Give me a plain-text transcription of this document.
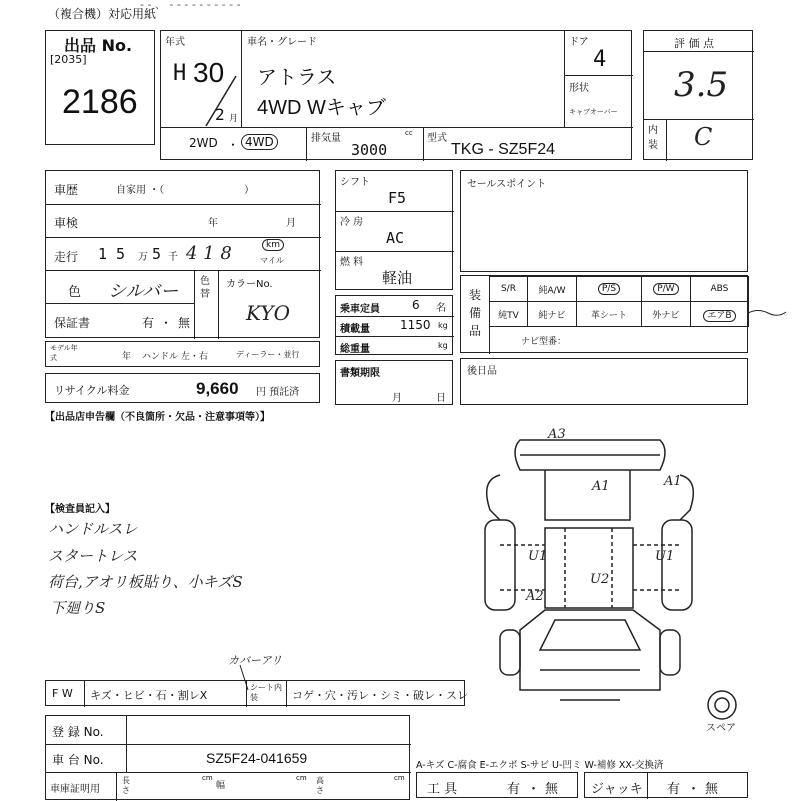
- - 、 - - - - - - - - - -
（複合機）対応用紙
出品 No.
[2035]
2186
年式
H 30
2 月
車名・グレード
アトラス
4WD Wキャブ
ドア
4
形状
キャブオーバー
2WD ・ 4WD	排気量	cc
3000
型式
TKG - SZ5F24
評 価 点
3.5
内装 C
車歴	自家用 ・（　　　　　　　　）
車検	年	月
走行 1 5 万 5 千 4 1 8	km
マイル
色 シルバー 色替
カラーNo.
KYO
保証書	有 ・ 無
モデル年式	年 ハンドル 左・右	ディーラー・並行
リサイクル料金	9,660 円 預託済
シフト
F5
冷 房
AC
燃 料
軽油
乗車定員	6 名
積載量	1150 kg
総重量	kg
書類期限
月	日
セールスポイント
装備品
S/R	純A/W	P/S	P/W	ABS
純TV	純ナビ	革シート	外ナビ	エアB
ナビ型番：
後日品
【出品店申告欄（不良箇所・欠品・注意事項等）】
【検査員記入】
ハンドルスレ
スタートレス
荷台,アオリ板貼り、小キズS
下廻りS
A3
A1	A1
U1	U1
U2
A2
スペア
カバーアリ
F W キズ・ヒビ・石・割レX
シート内装	コゲ・穴・汚レ・シミ・破レ・スレ
登 録 No.
車 台 No.	SZ5F24-041659
車庫証明用
長さ
cm
幅
cm 高さ
cm
A-キズ C-腐食 E-エクボ S-サビ U-凹ミ W-補修 XX-交換済
工 具	有 ・ 無	ジャッキ 有 ・ 無
